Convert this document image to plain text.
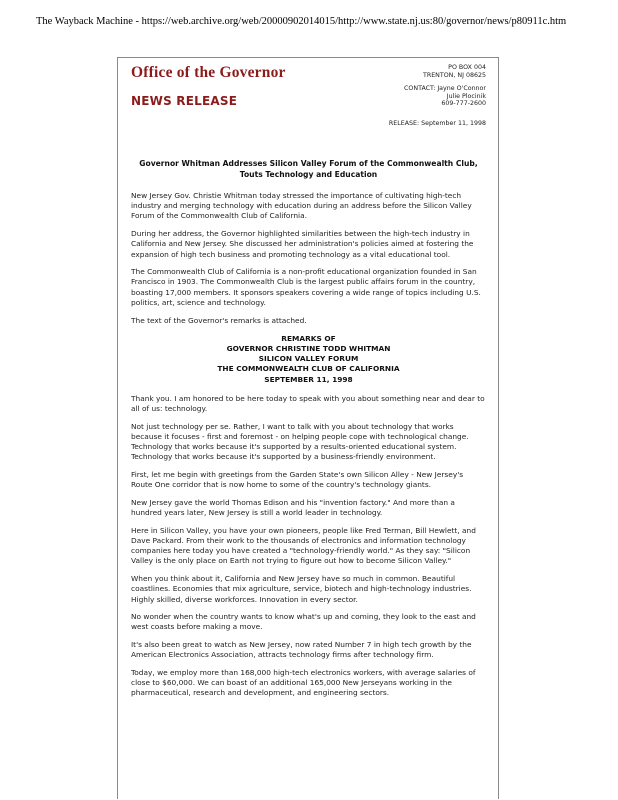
The Wayback Machine - https://web.archive.org/web/20000902014015/http://www.state.nj.us:80/governor/news/p80911c.htm
Office of the Governor
NEWS RELEASE
PO BOX 004
TRENTON, NJ 08625
CONTACT: Jayne O'Connor
Julie Plocinik
609-777-2600
RELEASE: September 11, 1998
Governor Whitman Addresses Silicon Valley Forum of the Commonwealth Club, Touts Technology and Education

New Jersey Gov. Christie Whitman today stressed the importance of cultivating high-tech industry and merging technology with education during an address before the Silicon Valley Forum of the Commonwealth Club of California.

During her address, the Governor highlighted similarities between the high-tech industry in California and New Jersey. She discussed her administration's policies aimed at fostering the expansion of high tech business and promoting technology as a vital educational tool.

The Commonwealth Club of California is a non-profit educational organization founded in San Francisco in 1903. The Commonwealth Club is the largest public affairs forum in the country, boasting 17,000 members. It sponsors speakers covering a wide range of topics including U.S. politics, art, science and technology.

The text of the Governor's remarks is attached.

REMARKS OF
GOVERNOR CHRISTINE TODD WHITMAN
SILICON VALLEY FORUM
THE COMMONWEALTH CLUB OF CALIFORNIA
SEPTEMBER 11, 1998

Thank you. I am honored to be here today to speak with you about something near and dear to all of us: technology.

Not just technology per se. Rather, I want to talk with you about technology that works because it focuses - first and foremost - on helping people cope with technological change. Technology that works because it's supported by a results-oriented educational system. Technology that works because it's supported by a business-friendly environment.

First, let me begin with greetings from the Garden State's own Silicon Alley - New Jersey's Route One corridor that is now home to some of the country's technology giants.

New Jersey gave the world Thomas Edison and his "invention factory." And more than a hundred years later, New Jersey is still a world leader in technology.

Here in Silicon Valley, you have your own pioneers, people like Fred Terman, Bill Hewlett, and Dave Packard. From their work to the thousands of electronics and information technology companies here today you have created a "technology-friendly world." As they say: "Silicon Valley is the only place on Earth not trying to figure out how to become Silicon Valley."

When you think about it, California and New Jersey have so much in common. Beautiful coastlines. Economies that mix agriculture, service, biotech and high-technology industries. Highly skilled, diverse workforces. Innovation in every sector.

No wonder when the country wants to know what's up and coming, they look to the east and west coasts before making a move.

It's also been great to watch as New Jersey, now rated Number 7 in high tech growth by the American Electronics Association, attracts technology firms after technology firm.

Today, we employ more than 168,000 high-tech electronics workers, with average salaries of close to $60,000. We can boast of an additional 165,000 New Jerseyans working in the pharmaceutical, research and development, and engineering sectors.
